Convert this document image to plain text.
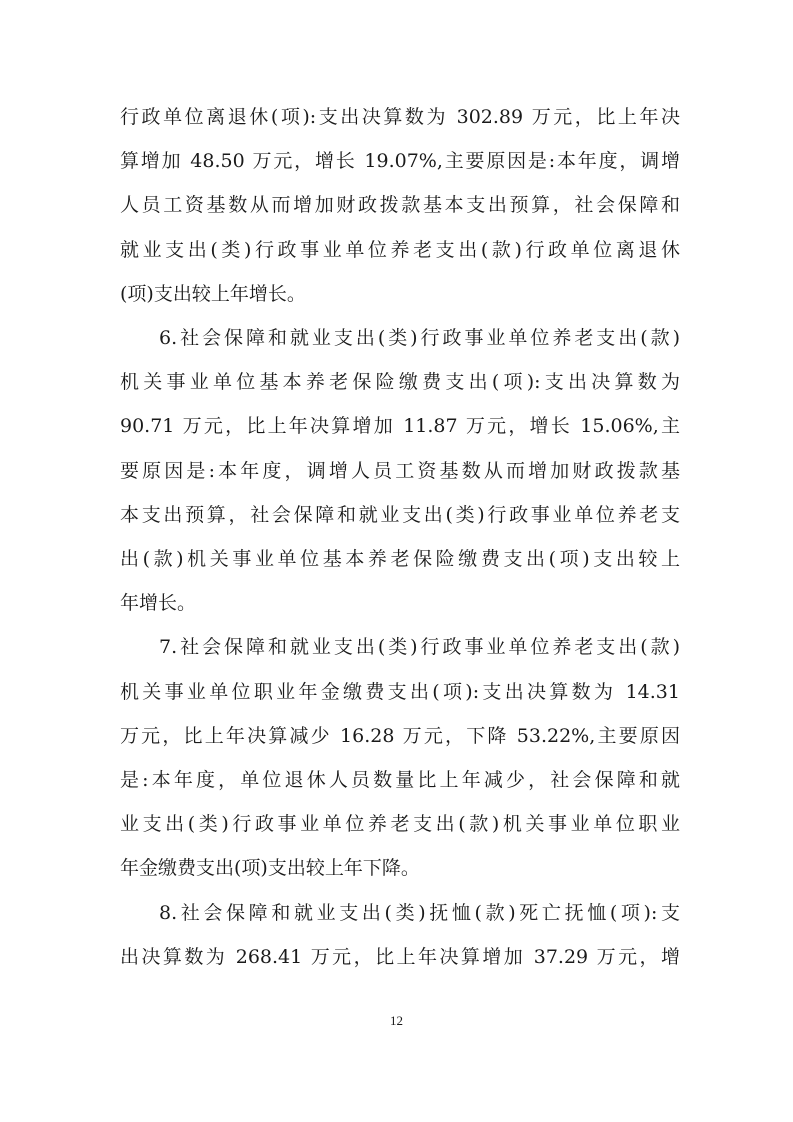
行政单位离退休(项):支出决算数为 302.89 万元，比上年决
算增加 48.50 万元，增长 19.07%,主要原因是:本年度，调增
人员工资基数从而增加财政拨款基本支出预算，社会保障和
就业支出(类)行政事业单位养老支出(款)行政单位离退休
(项)支出较上年增长。
6.社会保障和就业支出(类)行政事业单位养老支出(款)
机关事业单位基本养老保险缴费支出(项):支出决算数为
90.71 万元，比上年决算增加 11.87 万元，增长 15.06%,主
要原因是:本年度，调增人员工资基数从而增加财政拨款基
本支出预算，社会保障和就业支出(类)行政事业单位养老支
出(款)机关事业单位基本养老保险缴费支出(项)支出较上
年增长。
7.社会保障和就业支出(类)行政事业单位养老支出(款)
机关事业单位职业年金缴费支出(项):支出决算数为 14.31
万元，比上年决算减少 16.28 万元，下降 53.22%,主要原因
是:本年度，单位退休人员数量比上年减少，社会保障和就
业支出(类)行政事业单位养老支出(款)机关事业单位职业
年金缴费支出(项)支出较上年下降。
8.社会保障和就业支出(类)抚恤(款)死亡抚恤(项):支
出决算数为 268.41 万元，比上年决算增加 37.29 万元，增
12
